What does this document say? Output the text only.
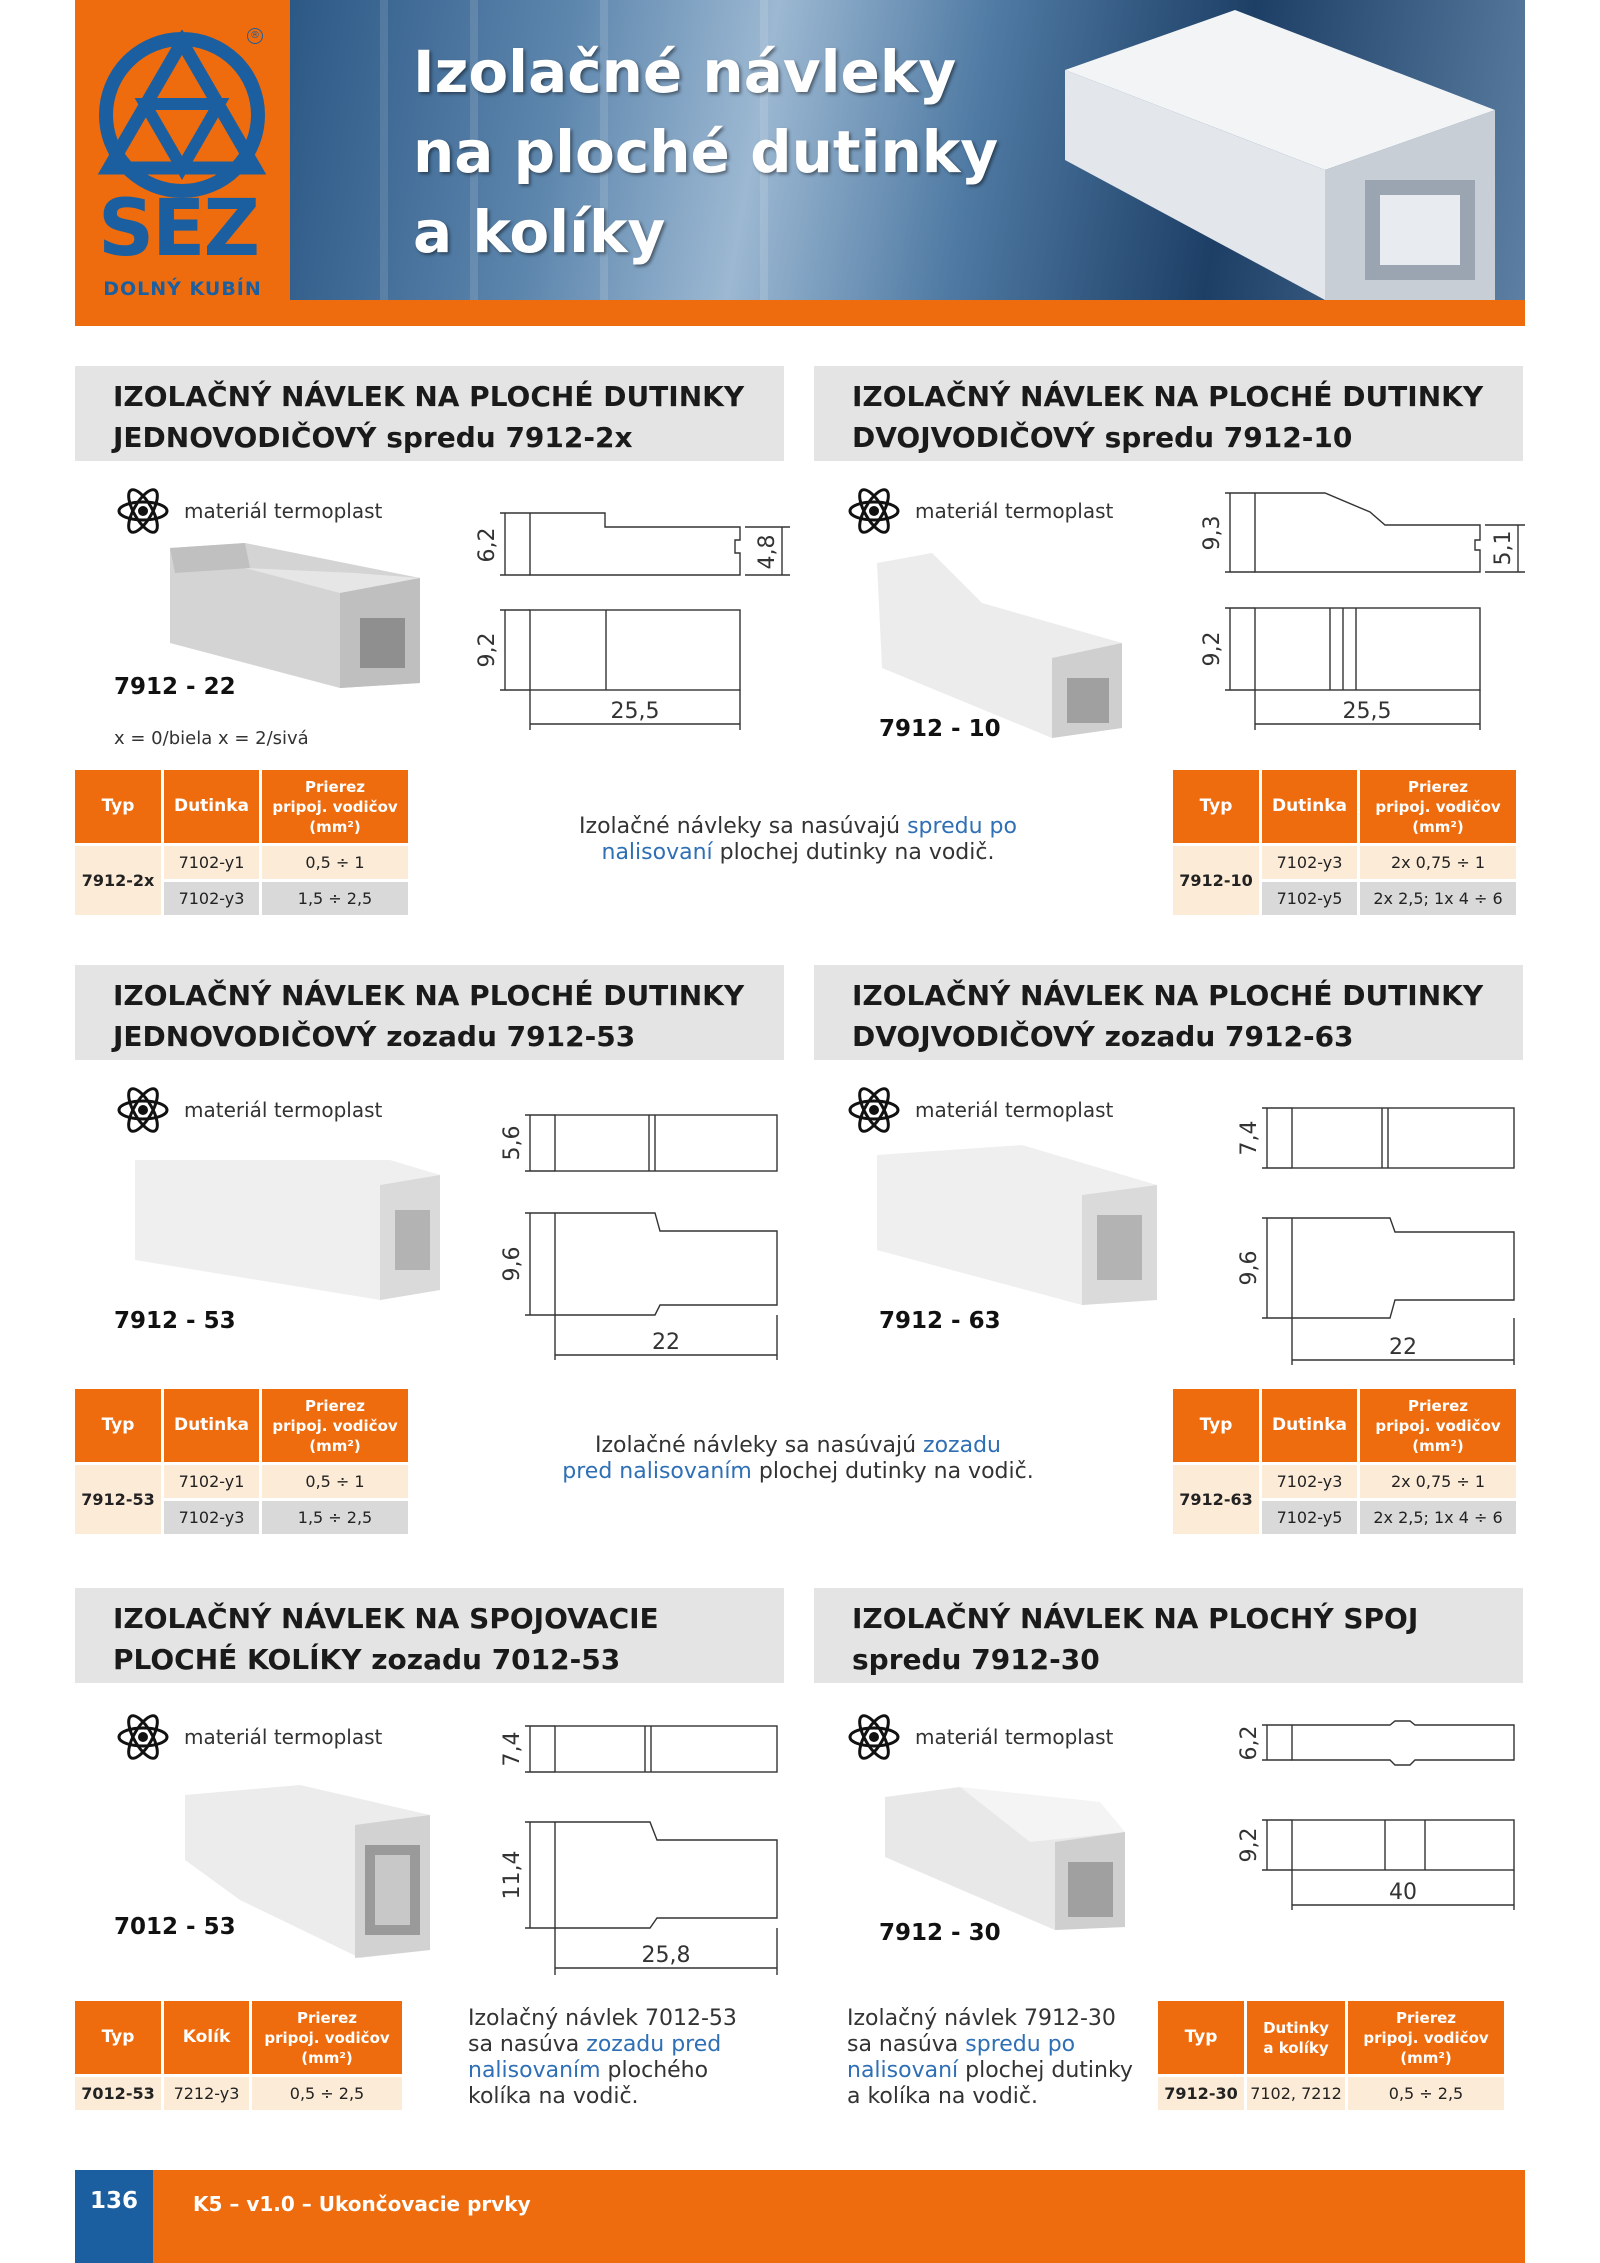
®
SEZ
DOLNÝ KUBÍN
Izolačné návleky
na ploché dutinky
a kolíky
IZOLAČNÝ NÁVLEK NA PLOCHÉ DUTINKY
JEDNOVODIČOVÝ spredu 7912-2x
materiál termoplast
7912 - 22
x = 0/biela x = 2/sivá
6,2	4,8
9,2
25,5
IZOLAČNÝ NÁVLEK NA PLOCHÉ DUTINKY
DVOJVODIČOVÝ spredu 7912-10
materiál termoplast
7912 - 10
9,3	5,1
9,2
25,5
Typ	Dutinka	Prierez
pripoj. vodičov
(mm²)
7912-2x	7102-y1	0,5 ÷ 1
	7102-y3	1,5 ÷ 2,5
Izolačné návleky sa nasúvajú spredu po
nalisovaní plochej dutinky na vodič.
Typ	Dutinka	Prierez
pripoj. vodičov
(mm²)
7912-10	7102-y3	2x 0,75 ÷ 1
	7102-y5	2x 2,5; 1x 4 ÷ 6
IZOLAČNÝ NÁVLEK NA PLOCHÉ DUTINKY
JEDNOVODIČOVÝ zozadu 7912-53
materiál termoplast
7912 - 53
5,6
9,6
22
IZOLAČNÝ NÁVLEK NA PLOCHÉ DUTINKY
DVOJVODIČOVÝ zozadu 7912-63
materiál termoplast
7912 - 63
7,4
9,6
22
Typ	Dutinka	Prierez
pripoj. vodičov
(mm²)
7912-53	7102-y1	0,5 ÷ 1
	7102-y3	1,5 ÷ 2,5
Izolačné návleky sa nasúvajú zozadu
pred nalisovaním plochej dutinky na vodič.
Typ	Dutinka	Prierez
pripoj. vodičov
(mm²)
7912-63	7102-y3	2x 0,75 ÷ 1
	7102-y5	2x 2,5; 1x 4 ÷ 6
IZOLAČNÝ NÁVLEK NA SPOJOVACIE
PLOCHÉ KOLÍKY zozadu 7012-53
materiál termoplast
7012 - 53
7,4
11,4
25,8
IZOLAČNÝ NÁVLEK NA PLOCHÝ SPOJ
spredu 7912-30
materiál termoplast
7912 - 30
6,2
9,2
40
Typ	Kolík	Prierez
pripoj. vodičov
(mm²)
7012-53	7212-y3	0,5 ÷ 2,5
Izolačný návlek 7012-53
sa nasúva zozadu pred
nalisovaním plochého
kolíka na vodič.
Izolačný návlek 7912-30
sa nasúva spredu po
nalisovaní plochej dutinky
a kolíka na vodič.
Typ	Dutinky
a kolíky	Prierez
pripoj. vodičov
(mm²)
7912-30	7102, 7212	0,5 ÷ 2,5
136	K5 – v1.0 – Ukončovacie prvky
